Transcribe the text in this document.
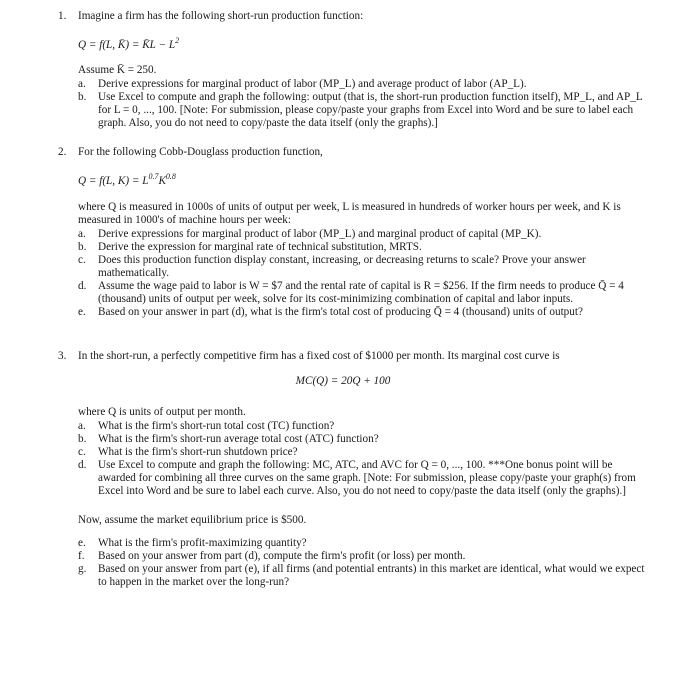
1. Imagine a firm has the following short-run production function:
Q = f(L, K̄) = K̄L − $L^2$
Assume K̄ = 250.
a. Derive expressions for marginal product of labor (MP_L) and average product of labor (AP_L).
b. Use Excel to compute and graph the following: output (that is, the short-run production function itself), MP_L, and AP_L for L = 0, ..., 100. [Note: For submission, please copy/paste your graphs from Excel into Word and be sure to label each graph. Also, you do not need to copy/paste the data itself (only the graphs).]
2. For the following Cobb-Douglass production function,
Q = f(L, $K) = L^{0.7}K^{0.8}$
where Q is measured in 1000s of units of output per week, L is measured in hundreds of worker hours per week, and K is measured in 1000's of machine hours per week:
a. Derive expressions for marginal product of labor (MP_L) and marginal product of capital (MP_K).
b. Derive the expression for marginal rate of technical substitution, MRTS.
c. Does this production function display constant, increasing, or decreasing returns to scale? Prove your answer mathematically.
d. Assume the wage paid to labor is W = $7 and the rental rate of capital is R = $256. If the firm needs to produce Q̄ = 4 (thousand) units of output per week, solve for its cost-minimizing combination of capital and labor inputs.
e. Based on your answer in part (d), what is the firm's total cost of producing Q̄ = 4 (thousand) units of output?
3. In the short-run, a perfectly competitive firm has a fixed cost of $1000 per month. Its marginal cost curve is
MC(Q) = 20Q + 100
where Q is units of output per month.
a. What is the firm's short-run total cost (TC) function?
b. What is the firm's short-run average total cost (ATC) function?
c. What is the firm's short-run shutdown price?
d. Use Excel to compute and graph the following: MC, ATC, and AVC for Q = 0, ..., 100. ***One bonus point will be awarded for combining all three curves on the same graph. [Note: For submission, please copy/paste your graph(s) from Excel into Word and be sure to label each curve. Also, you do not need to copy/paste the data itself (only the graphs).]
Now, assume the market equilibrium price is $500.
e. What is the firm's profit-maximizing quantity?
f. Based on your answer from part (d), compute the firm's profit (or loss) per month.
g. Based on your answer from part (e), if all firms (and potential entrants) in this market are identical, what would we expect to happen in the market over the long-run?
